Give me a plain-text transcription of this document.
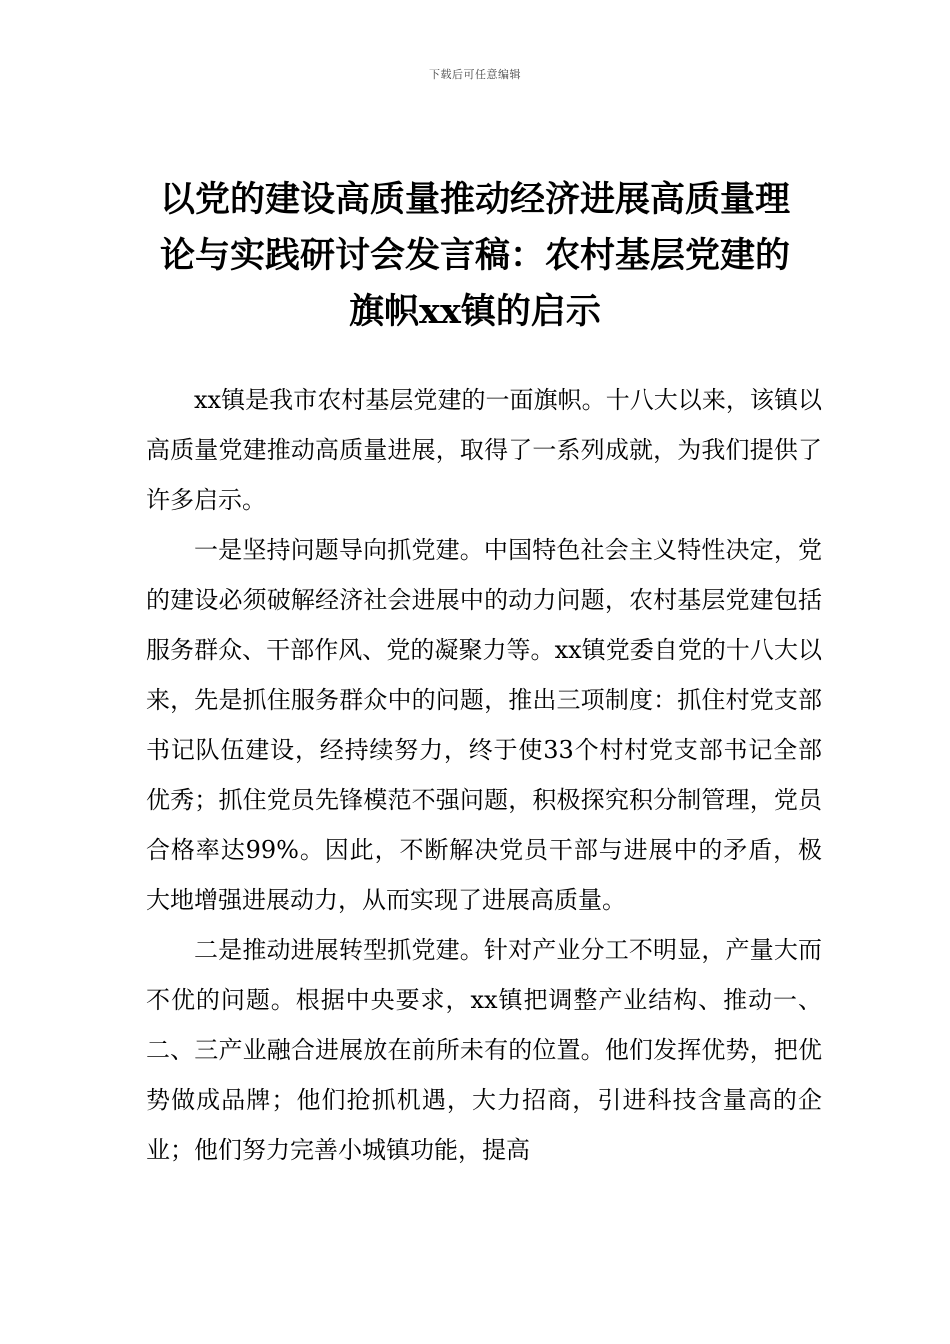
下载后可任意编辑
以党的建设高质量推动经济进展高质量理论与实践研讨会发言稿：农村基层党建的旗帜xx镇的启示

xx镇是我市农村基层党建的一面旗帜。十八大以来，该镇以高质量党建推动高质量进展，取得了一系列成就，为我们提供了许多启示。

一是坚持问题导向抓党建。中国特色社会主义特性决定，党的建设必须破解经济社会进展中的动力问题，农村基层党建包括服务群众、干部作风、党的凝聚力等。xx镇党委自党的十八大以来，先是抓住服务群众中的问题，推出三项制度：抓住村党支部书记队伍建设，经持续努力，终于使33个村村党支部书记全部优秀；抓住党员先锋模范不强问题，积极探究积分制管理，党员合格率达99%。因此，不断解决党员干部与进展中的矛盾，极大地增强进展动力，从而实现了进展高质量。

二是推动进展转型抓党建。针对产业分工不明显，产量大而不优的问题。根据中央要求，xx镇把调整产业结构、推动一、二、三产业融合进展放在前所未有的位置。他们发挥优势，把优势做成品牌；他们抢抓机遇，大力招商，引进科技含量高的企业；他们努力完善小城镇功能，提高
